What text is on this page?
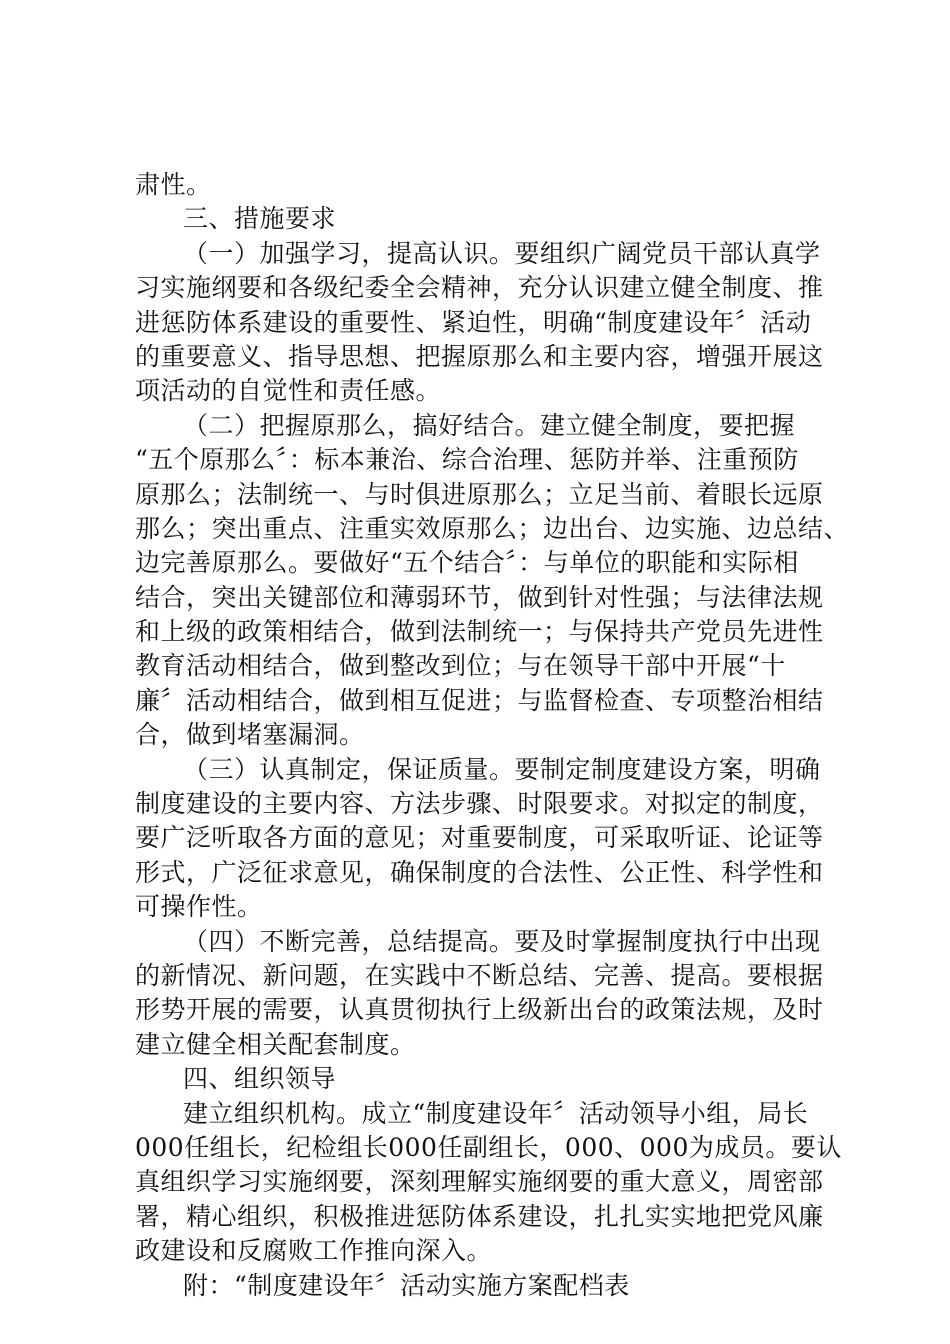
肃性。
三、措施要求
（一）加强学习，提高认识。要组织广阔党员干部认真学
习实施纲要和各级纪委全会精神，充分认识建立健全制度、推
进惩防体系建设的重要性、紧迫性，明确“制度建设年〞活动
的重要意义、指导思想、把握原那么和主要内容，增强开展这
项活动的自觉性和责任感。
（二）把握原那么，搞好结合。建立健全制度，要把握
“五个原那么〞：标本兼治、综合治理、惩防并举、注重预防
原那么；法制统一、与时俱进原那么；立足当前、着眼长远原
那么；突出重点、注重实效原那么；边出台、边实施、边总结、
边完善原那么。要做好“五个结合〞：与单位的职能和实际相
结合，突出关键部位和薄弱环节，做到针对性强；与法律法规
和上级的政策相结合，做到法制统一；与保持共产党员先进性
教育活动相结合，做到整改到位；与在领导干部中开展“十
廉〞活动相结合，做到相互促进；与监督检查、专项整治相结
合，做到堵塞漏洞。
（三）认真制定，保证质量。要制定制度建设方案，明确
制度建设的主要内容、方法步骤、时限要求。对拟定的制度，
要广泛听取各方面的意见；对重要制度，可采取听证、论证等
形式，广泛征求意见，确保制度的合法性、公正性、科学性和
可操作性。
（四）不断完善，总结提高。要及时掌握制度执行中出现
的新情况、新问题，在实践中不断总结、完善、提高。要根据
形势开展的需要，认真贯彻执行上级新出台的政策法规，及时
建立健全相关配套制度。
四、组织领导
建立组织机构。成立“制度建设年〞活动领导小组，局长
000任组长，纪检组长000任副组长，000、000为成员。要认
真组织学习实施纲要，深刻理解实施纲要的重大意义，周密部
署，精心组织，积极推进惩防体系建设，扎扎实实地把党风廉
政建设和反腐败工作推向深入。
附：“制度建设年〞活动实施方案配档表
